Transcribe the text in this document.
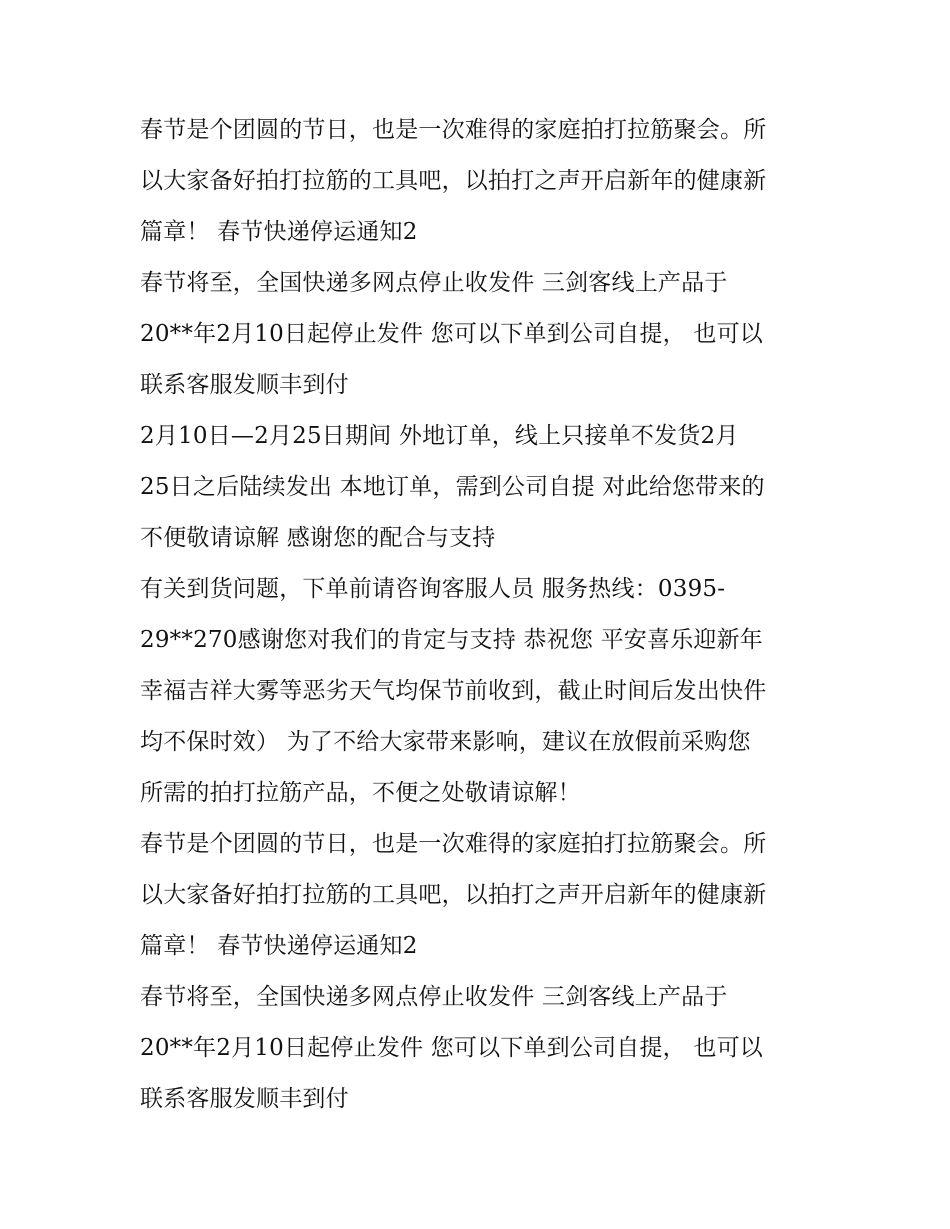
春节是个团圆的节日，也是一次难得的家庭拍打拉筋聚会。所
以大家备好拍打拉筋的工具吧，以拍打之声开启新年的健康新
篇章！ 春节快递停运通知2
春节将至，全国快递多网点停止收发件 三剑客线上产品于
20**年2月10日起停止发件 您可以下单到公司自提， 也可以
联系客服发顺丰到付
2月10日—2月25日期间 外地订单，线上只接单不发货2月
25日之后陆续发出 本地订单，需到公司自提 对此给您带来的
不便敬请谅解 感谢您的配合与支持
有关到货问题，下单前请咨询客服人员 服务热线：0395-
29**270感谢您对我们的肯定与支持 恭祝您 平安喜乐迎新年
幸福吉祥大雾等恶劣天气均保节前收到，截止时间后发出快件
均不保时效） 为了不给大家带来影响，建议在放假前采购您
所需的拍打拉筋产品，不便之处敬请谅解！
春节是个团圆的节日，也是一次难得的家庭拍打拉筋聚会。所
以大家备好拍打拉筋的工具吧，以拍打之声开启新年的健康新
篇章！ 春节快递停运通知2
春节将至，全国快递多网点停止收发件 三剑客线上产品于
20**年2月10日起停止发件 您可以下单到公司自提， 也可以
联系客服发顺丰到付
